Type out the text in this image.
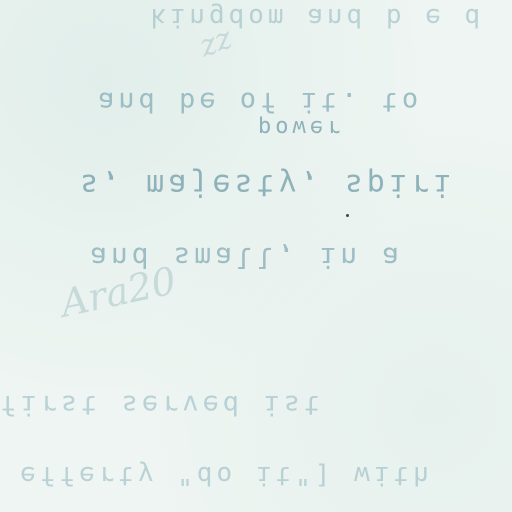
kingdom and b e d
and be of it. to
power
s, majesty, spiri
and small, in a
first served ist
efferty "do it"] with
zz
Ara20
